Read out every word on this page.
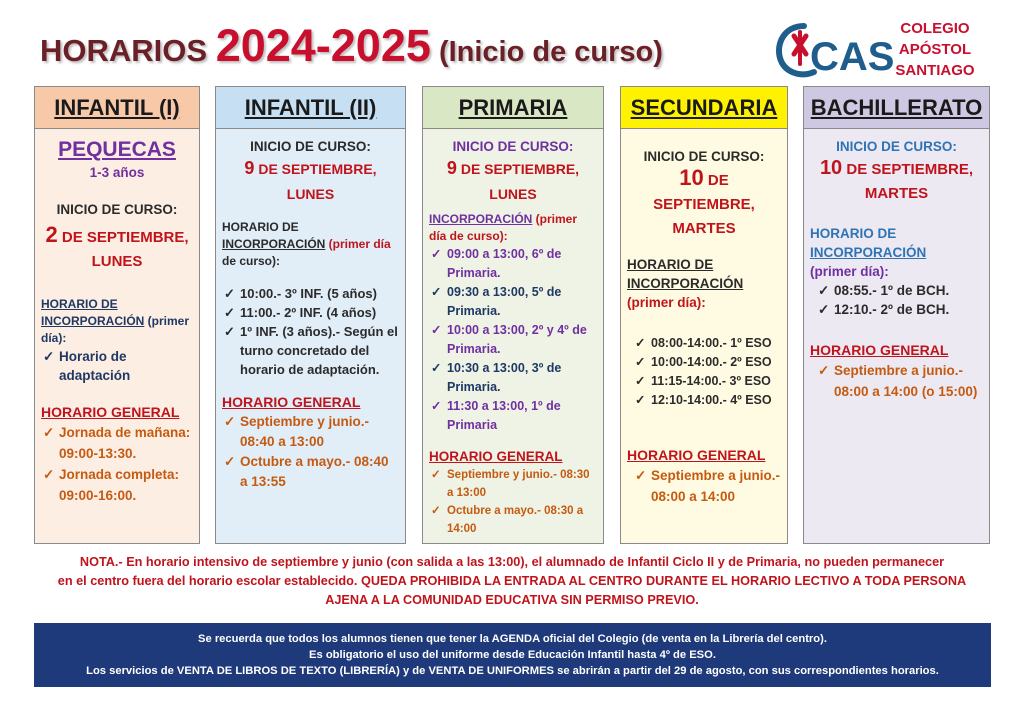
HORARIOS 2024-2025 (Inicio de curso)	CAS
COLEGIO
APÓSTOL
SANTIAGO
INFANTIL (I)
PEQUECAS
1-3 años
INICIO DE CURSO:
2 DE SEPTIEMBRE, LUNES
HORARIO DE INCORPORACIÓN (primer día):
✓ Horario de adaptación
HORARIO GENERAL
✓ Jornada de mañana: 09:00-13:30.
✓ Jornada completa: 09:00-16:00.
INFANTIL (II)
INICIO DE CURSO:
9 DE SEPTIEMBRE, LUNES
HORARIO DE INCORPORACIÓN (primer día de curso):
✓ 10:00.- 3º INF. (5 años)
✓ 11:00.- 2º INF. (4 años)
✓ 1º INF. (3 años).- Según el turno concretado del horario de adaptación.
HORARIO GENERAL
✓ Septiembre y junio.- 08:40 a 13:00
✓ Octubre a mayo.- 08:40 a 13:55
PRIMARIA
INICIO DE CURSO:
9 DE SEPTIEMBRE, LUNES
INCORPORACIÓN (primer día de curso):
✓ 09:00 a 13:00, 6º de Primaria.
✓ 09:30 a 13:00, 5º de Primaria.
✓ 10:00 a 13:00, 2º y 4º de Primaria.
✓ 10:30 a 13:00, 3º de Primaria.
✓ 11:30 a 13:00, 1º de Primaria
HORARIO GENERAL
✓ Septiembre y junio.- 08:30 a 13:00
✓ Octubre a mayo.- 08:30 a 14:00
SECUNDARIA
INICIO DE CURSO:
10 DE SEPTIEMBRE, MARTES
HORARIO DE INCORPORACIÓN
(primer día):
✓ 08:00-14:00.- 1º ESO
✓ 10:00-14:00.- 2º ESO
✓ 11:15-14:00.- 3º ESO
✓ 12:10-14:00.- 4º ESO
HORARIO GENERAL
✓ Septiembre a junio.- 08:00 a 14:00
BACHILLERATO
INICIO DE CURSO:
10 DE SEPTIEMBRE, MARTES
HORARIO DE INCORPORACIÓN
(primer día):
✓ 08:55.- 1º de BCH.
✓ 12:10.- 2º de BCH.
HORARIO GENERAL
✓ Septiembre a junio.- 08:00 a 14:00 (o 15:00)
NOTA.- En horario intensivo de septiembre y junio (con salida a las 13:00), el alumnado de Infantil Ciclo II y de Primaria, no pueden permanecer
en el centro fuera del horario escolar establecido. QUEDA PROHIBIDA LA ENTRADA AL CENTRO DURANTE EL HORARIO LECTIVO A TODA PERSONA
AJENA A LA COMUNIDAD EDUCATIVA SIN PERMISO PREVIO.
Se recuerda que todos los alumnos tienen que tener la AGENDA oficial del Colegio (de venta en la Librería del centro).
Es obligatorio el uso del uniforme desde Educación Infantil hasta 4º de ESO.
Los servicios de VENTA DE LIBROS DE TEXTO (LIBRERÍA) y de VENTA DE UNIFORMES se abrirán a partir del 29 de agosto, con sus correspondientes horarios.
